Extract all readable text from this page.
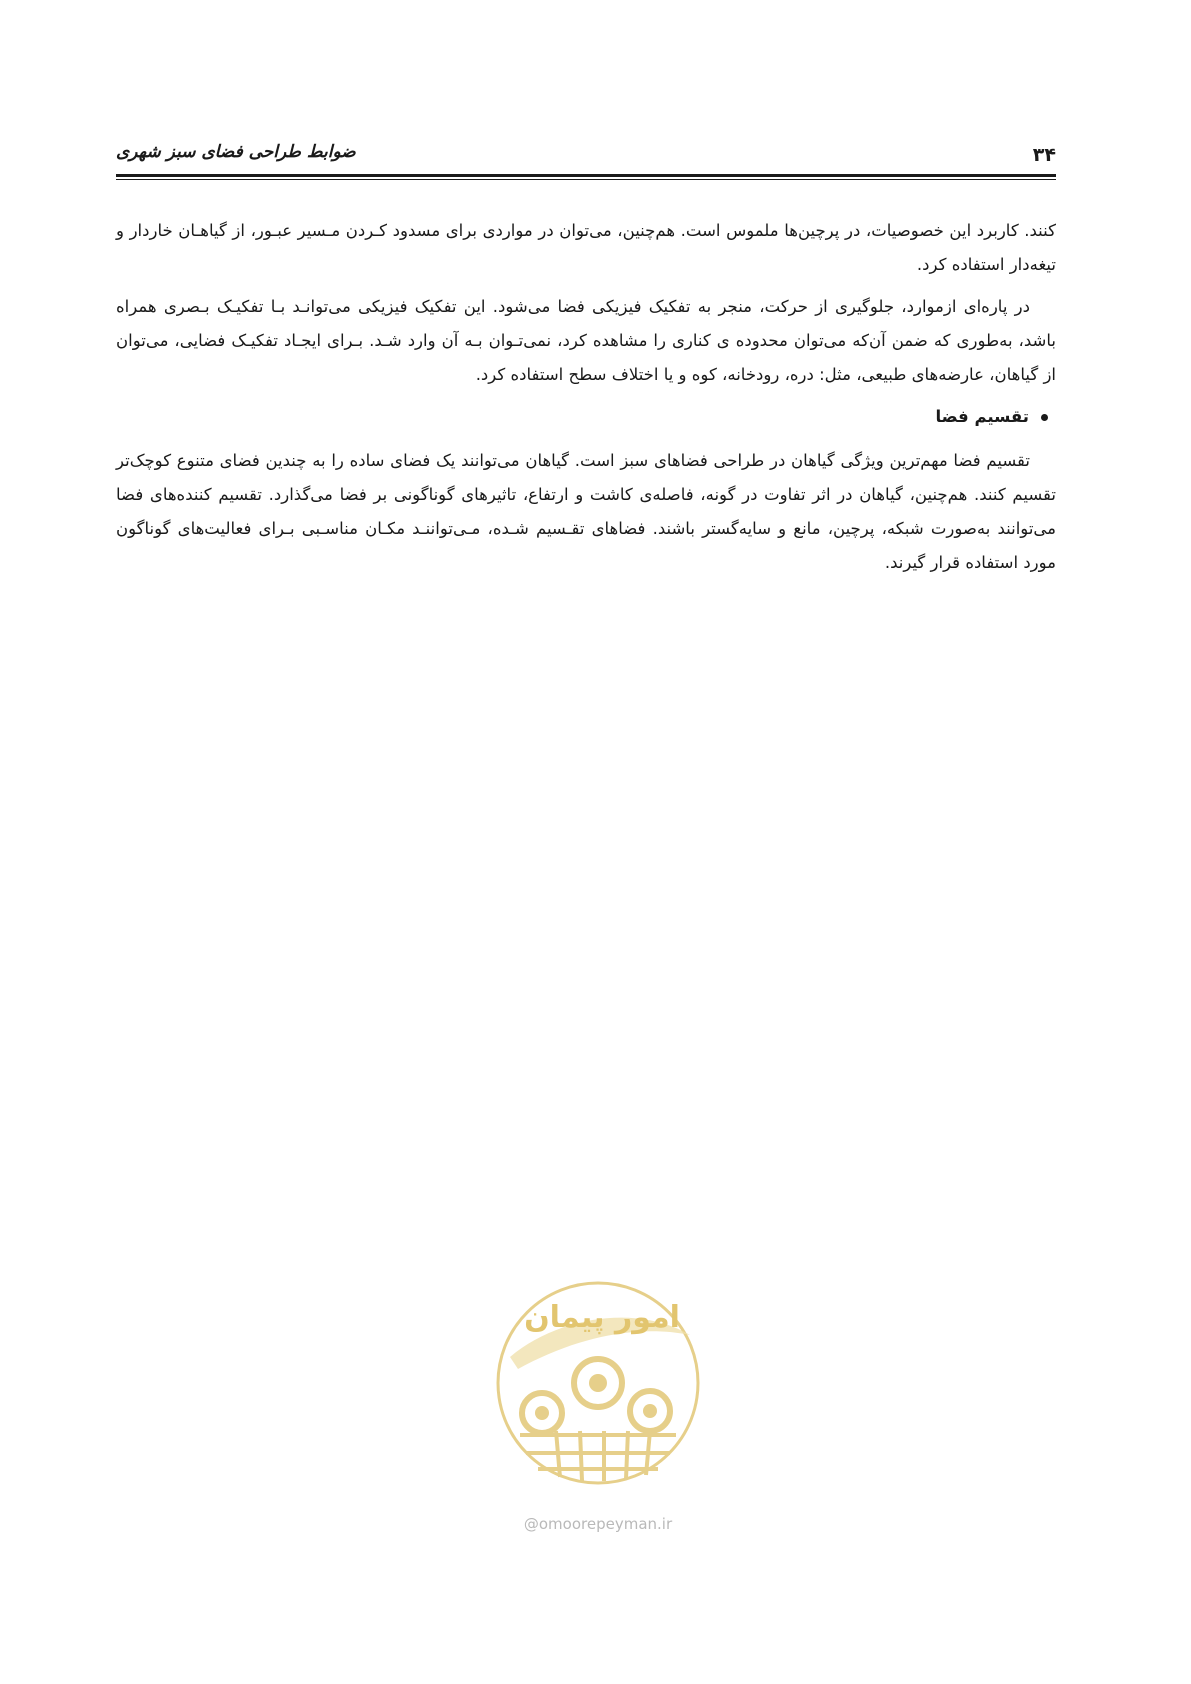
۳۴
ضوابط طراحی فضای سبز شهری

کنند. کاربرد این خصوصیات، در پرچین‌ها ملموس است. هم‌چنین، می‌توان در مواردی برای مسدود کـردن مـسیر عبـور، از گیاهـان خاردار و تیغه‌دار استفاده کرد.

در پاره‌ای ازموارد، جلوگیری از حرکت، منجر به تفکیک فیزیکی فضا می‌شود. این تفکیک فیزیکی می‌توانـد بـا تفکیـک بـصری همراه باشد، به‌طوری که ضمن آن‌که می‌توان محدوده ی کناری را مشاهده کرد، نمی‌تـوان بـه آن وارد شـد. بـرای ایجـاد تفکیـک فضایی، می‌توان از گیاهان، عارضه‌های طبیعی، مثل: دره، رودخانه، کوه و یا اختلاف سطح استفاده کرد.

تقسیم فضا

تقسیم فضا مهم‌ترین ویژگی گیاهان در طراحی فضاهای سبز است. گیاهان می‌توانند یک فضای ساده را به چندین فضای متنوع کوچک‌تر تقسیم کنند. هم‌چنین، گیاهان در اثر تفاوت در گونه، فاصله‌ی کاشت و ارتفاع، تاثیرهای گوناگونی بر فضا می‌گذارد. تقسیم کننده‌های فضا می‌توانند به‌صورت شبکه، پرچین، مانع و سایه‌گستر باشند. فضاهای تقـسیم شـده، مـی‌تواننـد مکـان مناسـبی بـرای فعالیت‌های گوناگون مورد استفاده قرار گیرند.

امور پیمان
@omoorepeyman.ir
